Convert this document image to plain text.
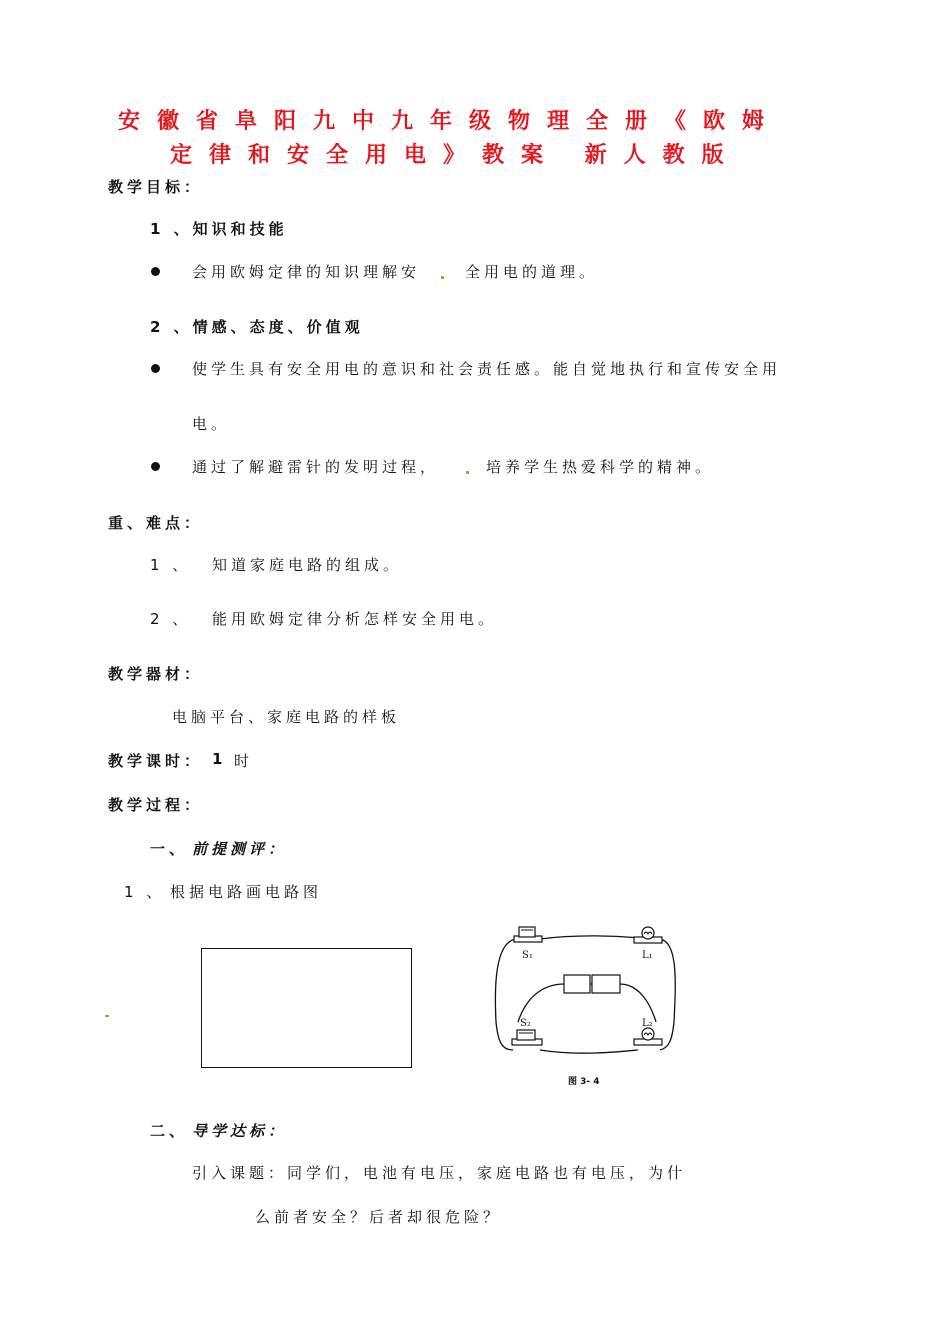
安徽省阜阳九中九年级物理全册《欧姆
定律和安全用电》教案 新人教版
教学目标：
1 、知识和技能
会用欧姆定律的知识理解安	全用电的道理。
2 、情感、态度、价值观
使学生具有安全用电的意识和社会责任感。能自觉地执行和宣传安全用
电。
通过了解避雷针的发明过程，	培养学生热爱科学的精神。
重、难点：
1 、 知道家庭电路的组成。
2 、 能用欧姆定律分析怎样安全用电。
教学器材：
电脑平台、家庭电路的样板
教学课时： 1 时
教学过程：
一、 前提测评：
1 、 根据电路画电路图
S₁	L₁
S₂	L₂
图 3- 4
二、 导学达标：
引入课题：同学们，电池有电压，家庭电路也有电压，为什
么前者安全？后者却很危险？
